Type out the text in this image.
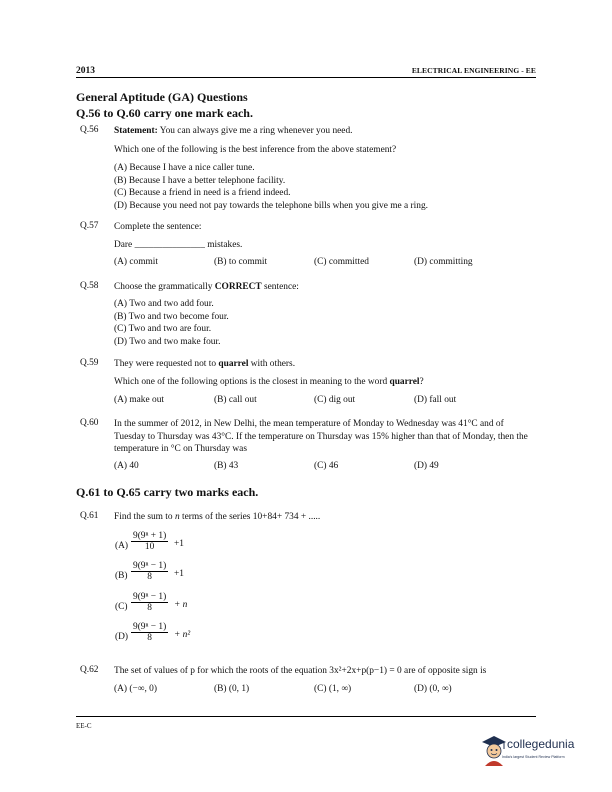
2013	ELECTRICAL ENGINEERING - EE
General Aptitude (GA) Questions
Q.56 to Q.60 carry one mark each.
Q.56 Statement: You can always give me a ring whenever you need.
Which one of the following is the best inference from the above statement?
(A) Because I have a nice caller tune.
(B) Because I have a better telephone facility.
(C) Because a friend in need is a friend indeed.
(D) Because you need not pay towards the telephone bills when you give me a ring.
Q.57 Complete the sentence:
Dare _______________ mistakes.
(A) commit	(B) to commit	(C) committed	(D) committing
Q.58 Choose the grammatically CORRECT sentence:
(A) Two and two add four.
(B) Two and two become four.
(C) Two and two are four.
(D) Two and two make four.
Q.59 They were requested not to quarrel with others.
Which one of the following options is the closest in meaning to the word quarrel?
(A) make out	(B) call out	(C) dig out	(D) fall out
Q.60 In the summer of 2012, in New Delhi, the mean temperature of Monday to Wednesday was 41°C and of Tuesday to Thursday was 43°C. If the temperature on Thursday was 15% higher than that of Monday, then the temperature in °C on Thursday was
(A) 40	(B) 43	(C) 46	(D) 49
Q.61 to Q.65 carry two marks each.
Q.61 Find the sum to n terms of the series 10+84+ 734 + .....
$(A) \frac{\text{9(9ⁿ + 1)}}{10} +1$
$(B) \frac{\text{9(9ⁿ − 1)}}{8} +1$
$(C) \frac{\text{9(9ⁿ − 1)}}{8} + n$
$(D) \frac{\text{9(9ⁿ − 1)}}{8} + n^2$
Q.62 The set of values of p for which the roots of the equation 3x²+2x+p(p−1) = 0 are of opposite sign is
(A) (−∞, 0)	(B) (0, 1)	(C) (1, ∞)	(D) (0, ∞)
EE-C
collegedunia
India's largest Student Review Platform
